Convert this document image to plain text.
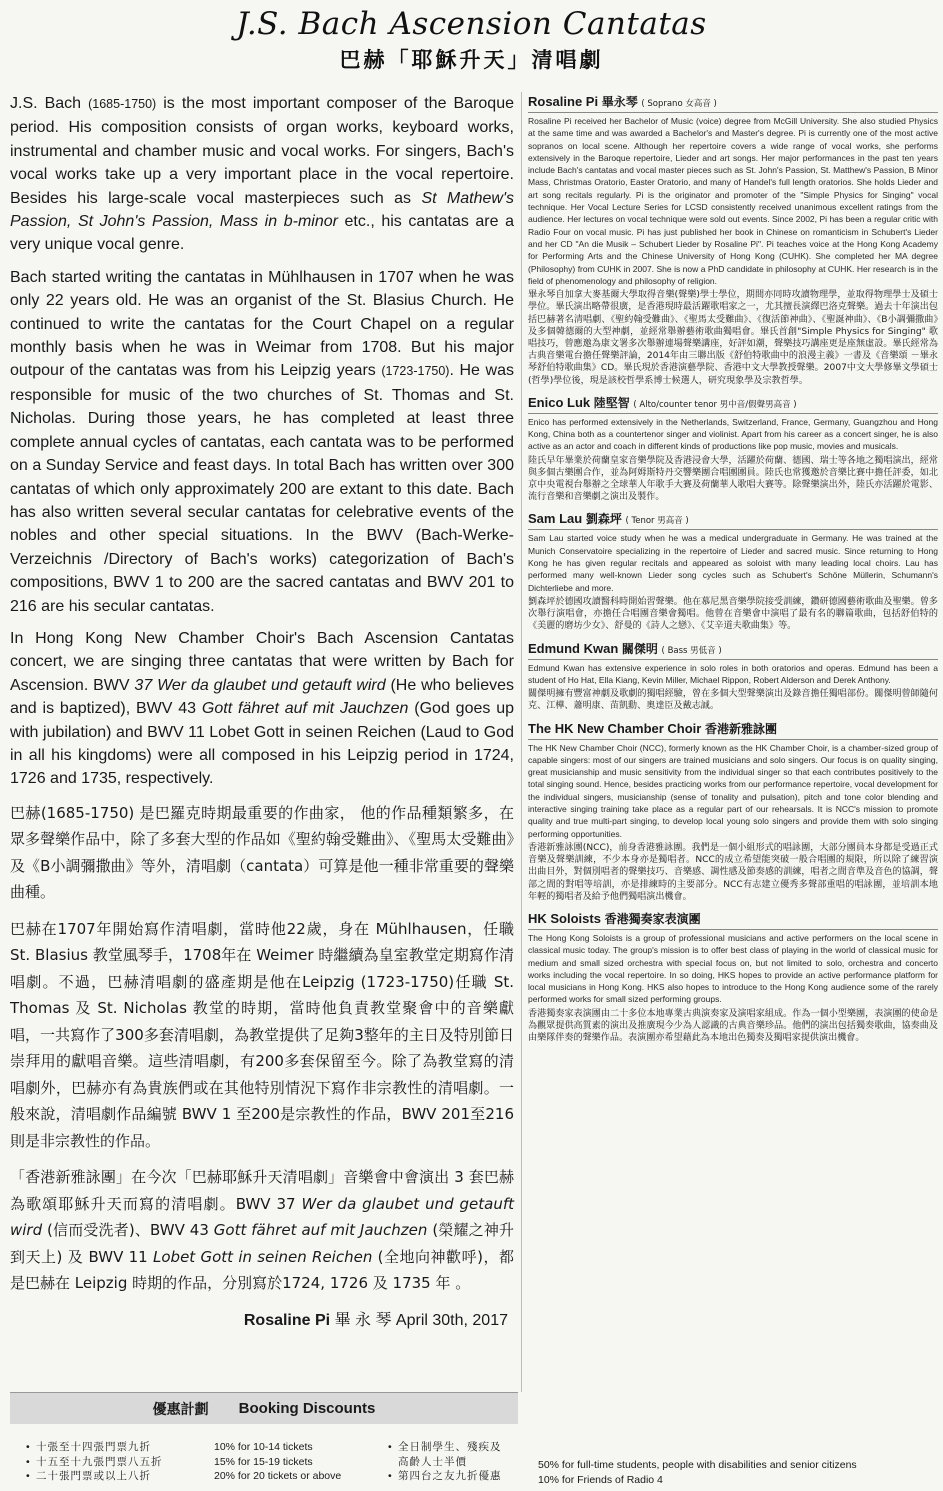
J.S. Bach Ascension Cantatas
巴赫「耶穌升天」清唱劇

J.S. Bach (1685-1750) is the most important composer of the Baroque period. His composition consists of organ works, keyboard works, instrumental and chamber music and vocal works. For singers, Bach's vocal works take up a very important place in the vocal repertoire. Besides his large-scale vocal masterpieces such as St Mathew's Passion, St John's Passion, Mass in b-minor etc., his cantatas are a very unique vocal genre.

Bach started writing the cantatas in Mühlhausen in 1707 when he was only 22 years old. He was an organist of the St. Blasius Church. He continued to write the cantatas for the Court Chapel on a regular monthly basis when he was in Weimar from 1708. But his major outpour of the cantatas was from his Leipzig years (1723-1750). He was responsible for music of the two churches of St. Thomas and St. Nicholas. During those years, he has completed at least three complete annual cycles of cantatas, each cantata was to be performed on a Sunday Service and feast days. In total Bach has written over 300 cantatas of which only approximately 200 are extant to this date. Bach has also written several secular cantatas for celebrative events of the nobles and other special situations. In the BWV (Bach-Werke-Verzeichnis /Directory of Bach's works) categorization of Bach's compositions, BWV 1 to 200 are the sacred cantatas and BWV 201 to 216 are his secular cantatas.

In Hong Kong New Chamber Choir's Bach Ascension Cantatas concert, we are singing three cantatas that were written by Bach for Ascension. BWV 37 Wer da glaubet und getauft wird (He who believes and is baptized), BWV 43 Gott fähret auf mit Jauchzen (God goes up with jubilation) and BWV 11 Lobet Gott in seinen Reichen (Laud to God in all his kingdoms) were all composed in his Leipzig period in 1724, 1726 and 1735, respectively.

巴赫(1685-1750) 是巴羅克時期最重要的作曲家， 他的作品種類繁多，在眾多聲樂作品中，除了多套大型的作品如《聖約翰受難曲》、《聖馬太受難曲》及《B小調彌撒曲》等外，清唱劇（cantata）可算是他一種非常重要的聲樂曲種。

巴赫在1707年開始寫作清唱劇，當時他22歲，身在 Mühlhausen，任職 St. Blasius 教堂風琴手，1708年在 Weimer 時繼續為皇室教堂定期寫作清唱劇。不過，巴赫清唱劇的盛產期是他在Leipzig (1723-1750)任職 St. Thomas 及 St. Nicholas 教堂的時期，當時他負責教堂聚會中的音樂獻唱，一共寫作了300多套清唱劇，為教堂提供了足夠3整年的主日及特別節日崇拜用的獻唱音樂。這些清唱劇，有200多套保留至今。除了為教堂寫的清唱劇外，巴赫亦有為貴族們或在其他特別情況下寫作非宗教性的清唱劇。一般來說，清唱劇作品編號 BWV 1 至200是宗教性的作品，BWV 201至216 則是非宗教性的作品。

「香港新雅詠團」在今次「巴赫耶穌升天清唱劇」音樂會中會演出 3 套巴赫為歌頌耶穌升天而寫的清唱劇。BWV 37 Wer da glaubet und getauft wird (信而受洗者)、BWV 43 Gott fähret auf mit Jauchzen (榮耀之神升到天上) 及 BWV 11 Lobet Gott in seinen Reichen (全地向神歡呼)，都是巴赫在 Leipzig 時期的作品，分別寫於1724, 1726 及 1735 年 。

Rosaline Pi 畢 永 琴 April 30th, 2017
Rosaline Pi 畢永琴 ( Soprano 女高音 )

Rosaline Pi received her Bachelor of Music (voice) degree from McGill University. She also studied Physics at the same time and was awarded a Bachelor's and Master's degree. Pi is currently one of the most active sopranos on local scene. Although her repertoire covers a wide range of vocal works, she performs extensively in the Baroque repertoire, Lieder and art songs. Her major performances in the past ten years include Bach's cantatas and vocal master pieces such as St. John's Passion, St. Matthew's Passion, B Minor Mass, Christmas Oratorio, Easter Oratorio, and many of Handel's full length oratorios. She holds Lieder and art song recitals regularly. Pi is the originator and promoter of the "Simple Physics for Singing" vocal technique. Her Vocal Lecture Series for LCSD consistently received unanimous excellent ratings from the audience. Her lectures on vocal technique were sold out events. Since 2002, Pi has been a regular critic with Radio Four on vocal music. Pi has just published her book in Chinese on romanticism in Schubert's Lieder and her CD "An die Musik – Schubert Lieder by Rosaline Pi". Pi teaches voice at the Hong Kong Academy for Performing Arts and the Chinese University of Hong Kong (CUHK). She completed her MA degree (Philosophy) from CUHK in 2007. She is now a PhD candidate in philosophy at CUHK. Her research is in the field of phenomenology and philosophy of religion.

畢永琴自加拿大麥基爾大學取得音樂(聲樂)學士學位，期間亦同時攻讀物理學，並取得物理學士及碩士學位。畢氏演出略帶很廣，是香港現時最活躍歌唱家之一，尤其擅長演繹巴洛克聲樂。過去十年演出包括巴赫著名清唱劇、《聖約翰受難曲》、《聖馬太受難曲》、《復活節神曲》、《聖誕神曲》、《B小調彌撒曲》及多個韓德爾的大型神劇，並經常舉辦藝術歌曲獨唱會。畢氏首創"Simple Physics for Singing" 歌唱技巧，曾應邀為康文署多次舉辦連場聲樂講座，好評如潮，聲樂技巧講座更是座無虛設。畢氏經常為古典音樂電台擔任聲樂評論，2014年由三聯出版《舒伯特歌曲中的浪漫主義》一書及《音樂頌 －畢永琴舒伯特歌曲集》CD。畢氏現於香港演藝學院、香港中文大學教授聲樂。2007中文大學修畢文學碩士(哲學)學位後，現是該校哲學系博士候選人，研究現象學及宗教哲學。

Enico Luk 陸堅智 ( Alto/counter tenor 男中音/假聲男高音 )

Enico has performed extensively in the Netherlands, Switzerland, France, Germany, Guangzhou and Hong Kong, China both as a countertenor singer and violinist. Apart from his career as a concert singer, he is also active as an actor and coach in different kinds of productions like pop music, movies and musicals.

陸氏早年畢業於荷蘭皇家音樂學院及香港浸會大學，活躍於荷蘭、德國、瑞士等各地之獨唱演出，經常與多個古樂團合作，並為阿姆斯特丹交響樂團合唱團團員。陸氏也常獲邀於音樂比賽中擔任評委，如北京中央電視台舉辦之全球華人年歌手大賽及荷蘭華人歌唱大賽等。除聲樂演出外，陸氏亦活躍於電影、流行音樂和音樂劇之演出及製作。

Sam Lau 劉森坪 ( Tenor 男高音 )

Sam Lau started voice study when he was a medical undergraduate in Germany. He was trained at the Munich Conservatoire specializing in the repertoire of Lieder and sacred music. Since returning to Hong Kong he has given regular recitals and appeared as soloist with many leading local choirs. Lau has performed many well-known Lieder song cycles such as Schubert's Schöne Müllerin, Schumann's Dichterliebe and more.

劉森坪於德國攻讀醫科時開始習聲樂。他在慕尼黑音樂學院接受訓練，鑽研德國藝術歌曲及聖樂。曾多次舉行演唱會，亦擔任合唱團音樂會獨唱。他曾在音樂會中演唱了最有名的聯篇歌曲，包括舒伯特的《美麗的磨坊少女》、舒曼的《詩人之戀》、《艾辛道夫歌曲集》等。

Edmund Kwan 關傑明 ( Bass 男低音 )

Edmund Kwan has extensive experience in solo roles in both oratorios and operas. Edmund has been a student of Ho Hat, Ella Kiang, Kevin Miller, Michael Rippon, Robert Alderson and Derek Anthony.

關傑明擁有豐富神劇及歌劇的獨唱經驗，曾在多個大型聲樂演出及錄音擔任獨唱部份。關傑明曾師隨何克、江樺、蕭明康、苗凱勳、奧達臣及戴志誠。

The HK New Chamber Choir 香港新雅詠團

The HK New Chamber Choir (NCC), formerly known as the HK Chamber Choir, is a chamber-sized group of capable singers: most of our singers are trained musicians and solo singers. Our focus is on quality singing, great musicianship and music sensitivity from the individual singer so that each contributes positively to the total singing sound. Hence, besides practicing works from our performance repertoire, vocal development for the individual singers, musicianship (sense of tonality and pulsation), pitch and tone color blending and interactive singing training take place as a regular part of our rehearsals. It is NCC's mission to promote quality and true multi-part singing, to develop local young solo singers and provide them with solo singing performing opportunities.

香港新雅詠團(NCC)，前身香港雅詠團。我們是一個小組形式的唱詠團，大部分團員本身都是受過正式音樂及聲樂訓練，不少本身亦是獨唱者。NCC的成立希望能突破一般合唱團的規限，所以除了練習演出曲目外，對個別唱者的聲樂技巧、音樂感、調性感及節奏感的訓練，唱者之間音準及音色的協調，聲部之間的對唱等培訓，亦是排練時的主要部分。NCC有志建立優秀多聲部重唱的唱詠團，並培訓本地年輕的獨唱者及給予他們獨唱演出機會。

HK Soloists 香港獨奏家表演團

The Hong Kong Soloists is a group of professional musicians and active performers on the local scene in classical music today. The group's mission is to offer best class of playing in the world of classical music for medium and small sized orchestra with special focus on, but not limited to solo, orchestra and concerto works including the vocal repertoire. In so doing, HKS hopes to provide an active performance platform for local musicians in Hong Kong. HKS also hopes to introduce to the Hong Kong audience some of the rarely performed works for small sized performing groups.

香港獨奏家表演團由二十多位本地專業古典演奏家及演唱家組成。作為一個小型樂團，表演團的使命是為觀眾提供高質素的演出及推廣現今少為人認識的古典音樂珍品。他們的演出包括獨奏歌曲，協奏曲及由樂隊伴奏的聲樂作品。表演團亦希望藉此為本地出色獨奏及獨唱家提供演出機會。

優惠計劃 Booking Discounts
• 十張至十四張門票九折
• 十五至十九張門票八五折
• 二十張門票或以上八折
10% for 10-14 tickets
15% for 15-19 tickets
20% for 20 tickets or above
• 全日制學生、殘疾及
高齡人士半價
• 第四台之友九折優惠
50% for full-time students, people with disabilities and senior citizens
10% for Friends of Radio 4
